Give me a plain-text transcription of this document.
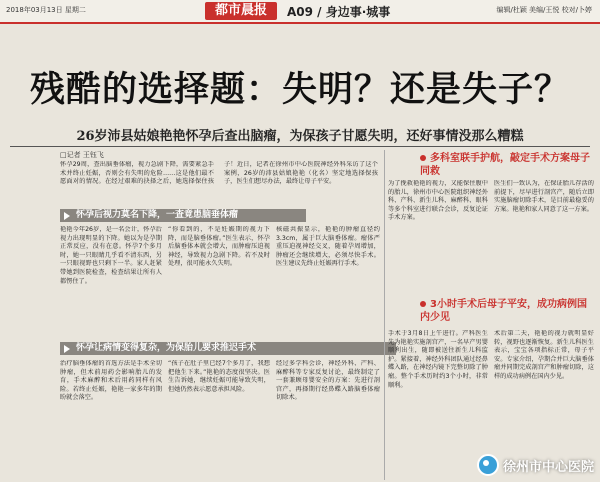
2018年03月13日 星期二	都市晨报	A09 / 身边事·城事	编辑/杜颖 美编/王悦 校对/卜婷
残酷的选择题：失明？还是失子？
26岁沛县姑娘艳艳怀孕后查出脑瘤，为保孩子甘愿失明，还好事情没那么糟糕
□记者 王钰飞
怀孕29周，查出脑垂体瘤，视力急剧下降，需要紧急手术并终止妊娠，否则会有失明的危险……这是他们最不愿面对的情况。在经过艰难的抉择之后，她选择保住孩子！近日，记者在徐州市中心医院神经外科采访了这个案例，26岁的沛县姑娘艳艳（化名）坚定地选择保孩子，医生们想尽办法，最终让母子平安。
怀孕后视力莫名下降，一查竟患脑垂体瘤
艳艳今年26岁，是一名会计，怀孕后视力出现明显的下降。她以为是孕期正常反应，没有在意。怀孕7个多月时，她一只眼睛几乎看不清东西，另一只眼视野也只剩下一半。家人赶紧带她到医院检查，检查结果让所有人都愣住了。
“你看到的，不是妊娠期的视力下降，而是脑垂体瘤。”医生表示，怀孕后脑垂体本就会增大，而肿瘤压迫视神经，导致视力急剧下降。若不及时处理，很可能永久失明。
核磁共振显示，艳艳的肿瘤直径约3.3cm，属于巨大脑垂体瘤。瘤体严重压迫视神经交叉，随着孕周增加，肿瘤还会继续增大，必须尽快手术。医生建议先终止妊娠再行手术。
怀孕让病情变得复杂，为保胎儿要求推迟手术
治疗脑垂体瘤的首选方法是手术全切肿瘤，但术前用药会影响胎儿的发育，手术麻醉和术后用药同样有风险。若终止妊娠，艳艳一家多年的期盼就会落空。
“孩子在肚子里已经7个多月了，我想把他生下来。”艳艳的态度很坚决。医生告诉她，继续妊娠可能导致失明，但她仍然表示愿意承担风险。
经过多学科会诊，神经外科、产科、麻醉科等专家反复讨论，最终制定了一套兼顾母婴安全的方案：先进行剖宫产，再择期行经鼻蝶入路脑垂体瘤切除术。
多科室联手护航，敲定手术方案母子同救
为了挽救艳艳的视力，又能保住腹中的胎儿，徐州市中心医院组织神经外科、产科、新生儿科、麻醉科、眼科等多个科室进行联合会诊，反复论证手术方案。
医生们一致认为，在保证胎儿存活的前提下，尽早进行剖宫产，随后立即实施脑瘤切除手术，是目前最稳妥的方案。艳艳和家人同意了这一方案。
3小时手术后母子平安，成功病例国内少见
手术于3月8日上午进行。产科医生先为艳艳实施剖宫产，一名早产男婴顺利出生，随即被送往新生儿科监护。紧接着，神经外科团队通过经鼻蝶入路，在神经内镜下完整切除了肿瘤。整个手术历时约3个小时，非常顺利。
术后第二天，艳艳的视力就明显好转，视野也逐渐恢复。新生儿科医生表示，宝宝各项指标正常，母子平安。专家介绍，孕期合并巨大脑垂体瘤并同期完成剖宫产和肿瘤切除，这样的成功病例在国内少见。
徐州市中心医院
